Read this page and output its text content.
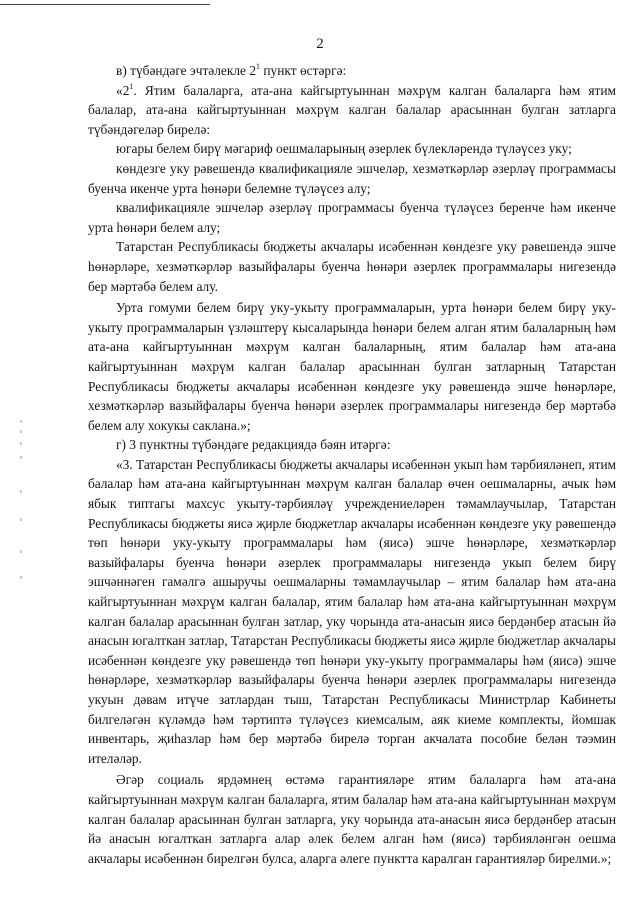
2

в) түбәндәге эчтәлекле $2^1$ пункт өстәргә:

«$2^1$. Ятим балаларга, ата-ана кайгыртуыннан мәхрүм калган балаларга һәм ятим балалар, ата-ана кайгыртуыннан мәхрүм калган балалар арасыннан булган затларга түбәндәгеләр бирелә:

югары белем бирү мәгариф оешмаларының әзерлек бүлекләрендә түләүсез уку;

көндезге уку рәвешендә квалификацияле эшчеләр, хезмәткәрләр әзерләү программасы буенча икенче урта һөнәри белемне түләүсез алу;

квалификацияле эшчеләр әзерләү программасы буенча түләүсез беренче һәм икенче урта һөнәри белем алу;

Татарстан Республикасы бюджеты акчалары исәбеннән көндезге уку рәвешендә эшче һөнәрләре, хезмәткәрләр вазыйфалары буенча һөнәри әзерлек программалары нигезендә бер мәртәбә белем алу.

Урта гомуми белем бирү уку-укыту программаларын, урта һөнәри белем бирү уку-укыту программаларын үзләштерү кысаларында һөнәри белем алган ятим балаларның һәм ата-ана кайгыртуыннан мәхрүм калган балаларның, ятим балалар һәм ата-ана кайгыртуыннан мәхрүм калган балалар арасыннан булган затларның Татарстан Республикасы бюджеты акчалары исәбеннән көндезге уку рәвешендә эшче һөнәрләре, хезмәткәрләр вазыйфалары буенча һөнәри әзерлек программалары нигезендә бер мәртәбә белем алу хокукы саклана.»;

г) 3 пунктны түбәндәге редакциядә бәян итәргә:

«3. Татарстан Республикасы бюджеты акчалары исәбеннән укып һәм тәрбияләнеп, ятим балалар һәм ата-ана кайгыртуыннан мәхрүм калган балалар өчен оешмаларны, ачык һәм ябык типтагы махсус укыту-тәрбияләү учреждениеләрен тәмамлаучылар, Татарстан Республикасы бюджеты яисә җирле бюджетлар акчалары исәбеннән көндезге уку рәвешендә төп һөнәри уку-укыту программалары һәм (яисә) эшче һөнәрләре, хезмәткәрләр вазыйфалары буенча һөнәри әзерлек программалары нигезендә укып белем бирү эшчәннәген гамәлгә ашыручы оешмаларны тәмамлаучылар – ятим балалар һәм ата-ана кайгыртуыннан мәхрүм калган балалар, ятим балалар һәм ата-ана кайгыртуыннан мәхрүм калган балалар арасыннан булган затлар, уку чорында ата-анасын яисә бердәнбер атасын йә анасын югалткан затлар, Татарстан Республикасы бюджеты яисә җирле бюджетлар акчалары исәбеннән көндезге уку рәвешендә төп һөнәри уку-укыту программалары һәм (яисә) эшче һөнәрләре, хезмәткәрләр вазыйфалары буенча һөнәри әзерлек программалары нигезендә укуын дәвам итүче затлардан тыш, Татарстан Республикасы Министрлар Кабинеты билгеләгән күләмдә һәм тәртиптә түләүсез киемсалым, аяк киеме комплекты, йомшак инвентарь, җиһазлар һәм бер мәртәбә бирелә торган акчалата пособие белән тәэмин ителәләр.

Әгәр социаль ярдәмнең өстәмә гарантияләре ятим балаларга һәм ата-ана кайгыртуыннан мәхрүм калган балаларга, ятим балалар һәм ата-ана кайгыртуыннан мәхрүм калган балалар арасыннан булган затларга, уку чорында ата-анасын яисә бердәнбер атасын йә анасын югалткан затларга алар әлек белем алган һәм (яисә) тәрбияләнгән оешма акчалары исәбеннән бирелгән булса, аларга әлеге пунктта каралган гарантияләр бирелми.»;
